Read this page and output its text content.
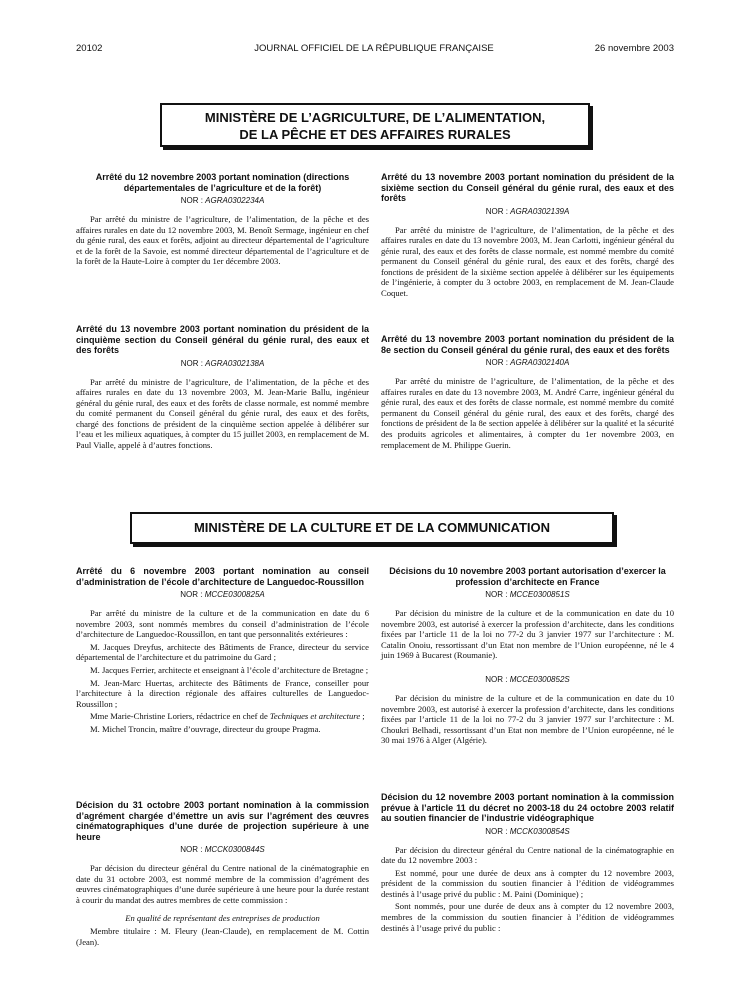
20102	JOURNAL OFFICIEL DE LA RÉPUBLIQUE FRANÇAISE	26 novembre 2003
MINISTÈRE DE L’AGRICULTURE, DE L’ALIMENTATION,
DE LA PÊCHE ET DES AFFAIRES RURALES
Arrêté du 12 novembre 2003 portant nomination (directions départementales de l’agriculture et de la forêt)
NOR : AGRA0302234A

Par arrêté du ministre de l’agriculture, de l’alimentation, de la pêche et des affaires rurales en date du 12 novembre 2003, M. Benoît Sermage, ingénieur en chef du génie rural, des eaux et forêts, adjoint au directeur départemental de l’agriculture et de la forêt de la Savoie, est nommé directeur départemental de l’agriculture et de la forêt de la Haute-Loire à compter du 1er décembre 2003.

Arrêté du 13 novembre 2003 portant nomination du président de la cinquième section du Conseil général du génie rural, des eaux et des forêts
NOR : AGRA0302138A

Par arrêté du ministre de l’agriculture, de l’alimentation, de la pêche et des affaires rurales en date du 13 novembre 2003, M. Jean-Marie Ballu, ingénieur général du génie rural, des eaux et des forêts de classe normale, est nommé membre du comité permanent du Conseil général du génie rural, des eaux et des forêts, chargé des fonctions de président de la cinquième section appelée à délibérer sur l’eau et les milieux aquatiques, à compter du 15 juillet 2003, en remplacement de M. Paul Vialle, appelé à d’autres fonctions.

Arrêté du 13 novembre 2003 portant nomination du président de la sixième section du Conseil général du génie rural, des eaux et des forêts
NOR : AGRA0302139A

Par arrêté du ministre de l’agriculture, de l’alimentation, de la pêche et des affaires rurales en date du 13 novembre 2003, M. Jean Carlotti, ingénieur général du génie rural, des eaux et des forêts de classe normale, est nommé membre du comité permanent du Conseil général du génie rural, des eaux et des forêts, chargé des fonctions de président de la sixième section appelée à délibérer sur les équipements de l’ingénierie, à compter du 3 octobre 2003, en remplacement de M. Jean-Claude Coquet.

Arrêté du 13 novembre 2003 portant nomination du président de la 8e section du Conseil général du génie rural, des eaux et des forêts
NOR : AGRA0302140A

Par arrêté du ministre de l’agriculture, de l’alimentation, de la pêche et des affaires rurales en date du 13 novembre 2003, M. André Carre, ingénieur général du génie rural, des eaux et des forêts de classe normale, est nommé membre du comité permanent du Conseil général du génie rural, des eaux et des forêts, chargé des fonctions de président de la 8e section appelée à délibérer sur la qualité et la sécurité des produits agricoles et alimentaires, à compter du 1er novembre 2003, en remplacement de M. Philippe Guerin.

MINISTÈRE DE LA CULTURE ET DE LA COMMUNICATION
Arrêté du 6 novembre 2003 portant nomination au conseil d’administration de l’école d’architecture de Languedoc-Roussillon
NOR : MCCE0300825A

Par arrêté du ministre de la culture et de la communication en date du 6 novembre 2003, sont nommés membres du conseil d’administration de l’école d’architecture de Languedoc-Roussillon, en tant que personnalités extérieures :

M. Jacques Dreyfus, architecte des Bâtiments de France, directeur du service départemental de l’architecture et du patrimoine du Gard ;

M. Jacques Ferrier, architecte et enseignant à l’école d’architecture de Bretagne ;

M. Jean-Marc Huertas, architecte des Bâtiments de France, conseiller pour l’architecture à la direction régionale des affaires culturelles de Languedoc-Roussillon ;

Mme Marie-Christine Loriers, rédactrice en chef de Techniques et architecture ;

M. Michel Troncin, maître d’ouvrage, directeur du groupe Pragma.

Décision du 31 octobre 2003 portant nomination à la commission d’agrément chargée d’émettre un avis sur l’agrément des œuvres cinématographiques d’une durée de projection supérieure à une heure
NOR : MCCK0300844S

Par décision du directeur général du Centre national de la cinématographie en date du 31 octobre 2003, est nommé membre de la commission d’agrément des œuvres cinématographiques d’une durée supérieure à une heure pour la durée restant à courir du mandat des autres membres de cette commission :

En qualité de représentant des entreprises de production

Membre titulaire : M. Fleury (Jean-Claude), en remplacement de M. Cottin (Jean).

Décisions du 10 novembre 2003 portant autorisation d’exercer la profession d’architecte en France
NOR : MCCE0300851S

Par décision du ministre de la culture et de la communication en date du 10 novembre 2003, est autorisé à exercer la profession d’architecte, dans les conditions fixées par l’article 11 de la loi no 77-2 du 3 janvier 1977 sur l’architecture : M. Catalin Onoiu, ressortissant d’un Etat non membre de l’Union européenne, né le 4 juin 1969 à Bucarest (Roumanie).

NOR : MCCE0300852S

Par décision du ministre de la culture et de la communication en date du 10 novembre 2003, est autorisé à exercer la profession d’architecte, dans les conditions fixées par l’article 11 de la loi no 77-2 du 3 janvier 1977 sur l’architecture : M. Choukri Belhadi, ressortissant d’un Etat non membre de l’Union européenne, né le 30 mai 1976 à Alger (Algérie).

Décision du 12 novembre 2003 portant nomination à la commission prévue à l’article 11 du décret no 2003-18 du 24 octobre 2003 relatif au soutien financier de l’industrie vidéographique
NOR : MCCK0300854S

Par décision du directeur général du Centre national de la cinématographie en date du 12 novembre 2003 :

Est nommé, pour une durée de deux ans à compter du 12 novembre 2003, président de la commission du soutien financier à l’édition de vidéogrammes destinés à l’usage privé du public : M. Paini (Dominique) ;

Sont nommés, pour une durée de deux ans à compter du 12 novembre 2003, membres de la commission du soutien financier à l’édition de vidéogrammes destinés à l’usage privé du public :
